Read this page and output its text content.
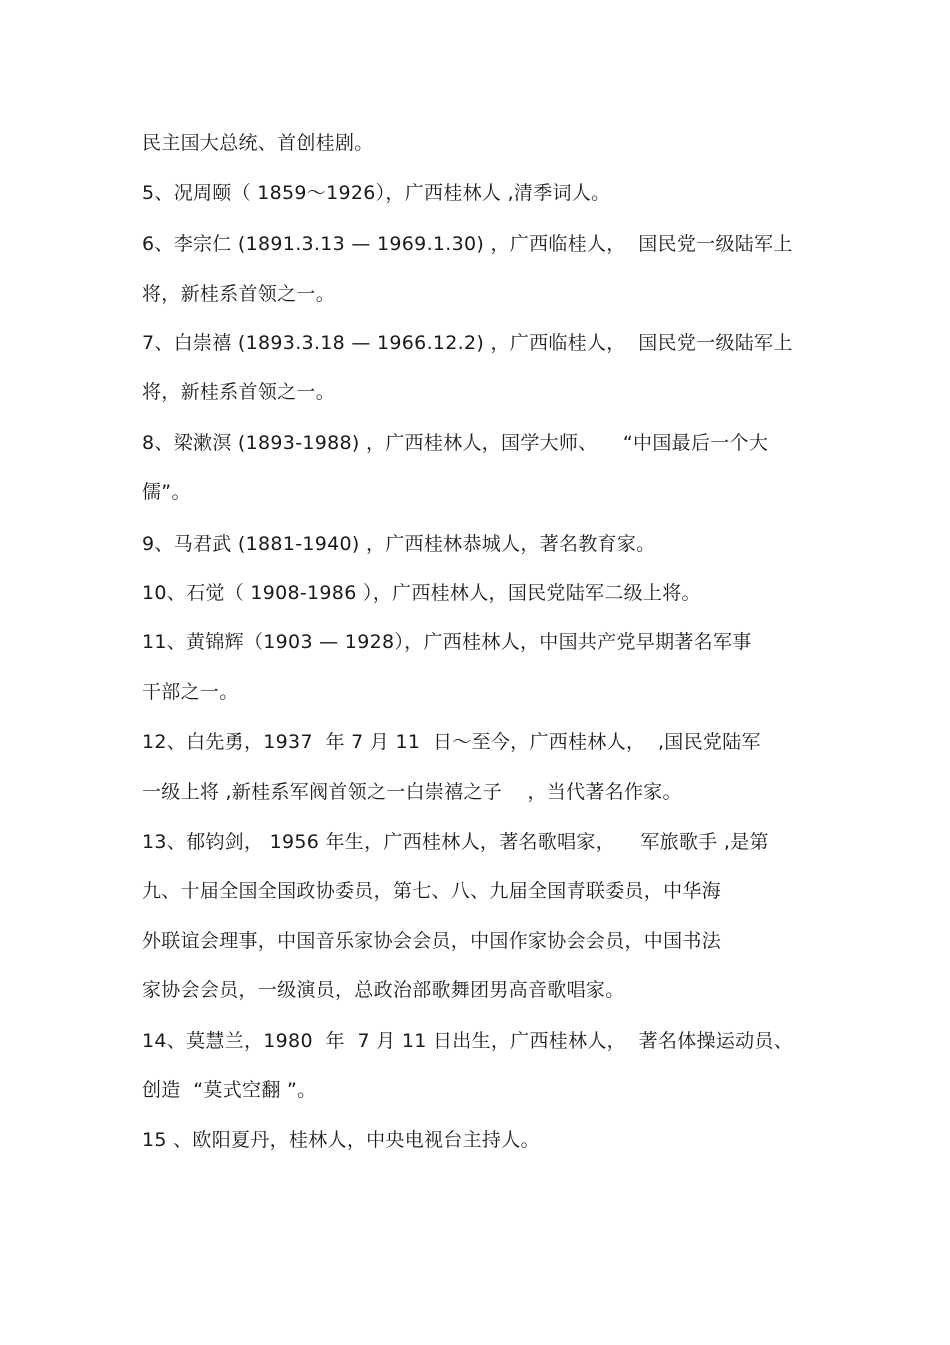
民主国大总统、首创桂剧。
5、况周颐（ 1859～1926），广西桂林人 ,清季词人。
6、李宗仁 (1891.3.13 — 1969.1.30) ，广西临桂人，  国民党一级陆军上
将，新桂系首领之一。
7、白崇禧 (1893.3.18 — 1966.12.2) ，广西临桂人，  国民党一级陆军上
将，新桂系首领之一。
8、梁漱溟 (1893-1988) ，广西桂林人，国学大师、    “中国最后一个大
儒”。
9、马君武 (1881-1940) ，广西桂林恭城人，著名教育家。
10、石觉（ 1908-1986 ），广西桂林人，国民党陆军二级上将。
11、黄锦辉（1903 — 1928），广西桂林人，中国共产党早期著名军事
干部之一。
12、白先勇，1937  年 7 月 11  日～至今，广西桂林人，  ,国民党陆军
一级上将 ,新桂系军阀首领之一白崇禧之子    ，当代著名作家。
13、郁钧剑， 1956 年生，广西桂林人，著名歌唱家，    军旅歌手 ,是第
九、十届全国全国政协委员，第七、八、九届全国青联委员，中华海
外联谊会理事，中国音乐家协会会员，中国作家协会会员，中国书法
家协会会员，一级演员，总政治部歌舞团男高音歌唱家。
14、莫慧兰，1980  年  7 月 11 日出生，广西桂林人，  著名体操运动员、
创造  “莫式空翻 ”。
15 、欧阳夏丹，桂林人，中央电视台主持人。
